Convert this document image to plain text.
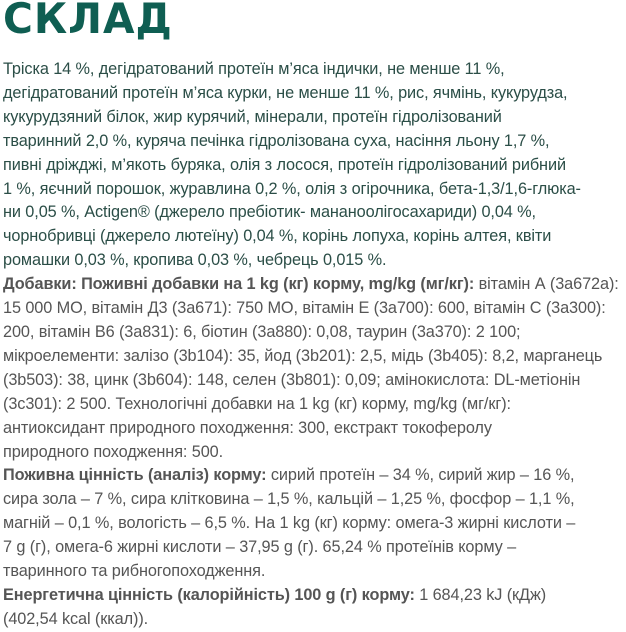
СКЛАД

Тріска 14 %, дегідратований протеїн м’яса індички, не менше 11 %,
дегідратований протеїн м’яса курки, не менше 11 %, рис, ячмінь, кукурудза,
кукурудзяний білок, жир курячий, мінерали, протеїн гідролізований
тваринний 2,0 %, куряча печінка гідролізована суха, насіння льону 1,7 %,
пивні дріжджі, м’якоть буряка, олія з лосося, протеїн гідролізований рибний
1 %, яєчний порошок, журавлина 0,2 %, олія з огірочника, бета-1,3/1,6-глюка-
ни 0,05 %, Actigen® (джерело пребіотик- мананоолігосахариди) 0,04 %,
чорнобривці (джерело лютеїну) 0,04 %, корінь лопуха, корінь алтея, квіти
ромашки 0,03 %, кропива 0,03 %, чебрець 0,015 %.

Добавки: Поживні добавки на 1 kg (кг) корму, mg/kg (мг/кг): вітамін А (3а672а):
15 000 МО, вітамін Д3 (3а671): 750 МО, вітамін Е (3а700): 600, вітамін С (3а300):
200, вітамін В6 (3а831): 6, біотин (3а880): 0,08, таурин (3а370): 2 100;
мікроелементи: залізо (3b104): 35, йод (3b201): 2,5, мідь (3b405): 8,2, марганець
(3b503): 38, цинк (3b604): 148, селен (3b801): 0,09; амінокислота: DL-метіонін
(3c301): 2 500. Технологічні добавки на 1 kg (кг) корму, mg/kg (мг/кг):
антиоксидант природного походження: 300, екстракт токоферолу
природного походження: 500.

Поживна цінність (аналіз) корму: сирий протеїн – 34 %, сирий жир – 16 %,
сира зола – 7 %, сира клітковина – 1,5 %, кальцій – 1,25 %, фосфор – 1,1 %,
магній – 0,1 %, вологість – 6,5 %. На 1 kg (кг) корму: омега-3 жирні кислоти –
7 g (г), омега-6 жирні кислоти – 37,95 g (г). 65,24 % протеїнів корму –
тваринного та рибногопоходження.

Енергетична цінність (калорійність) 100 g (г) корму: 1 684,23 kJ (кДж)
(402,54 kcal (ккал)).
